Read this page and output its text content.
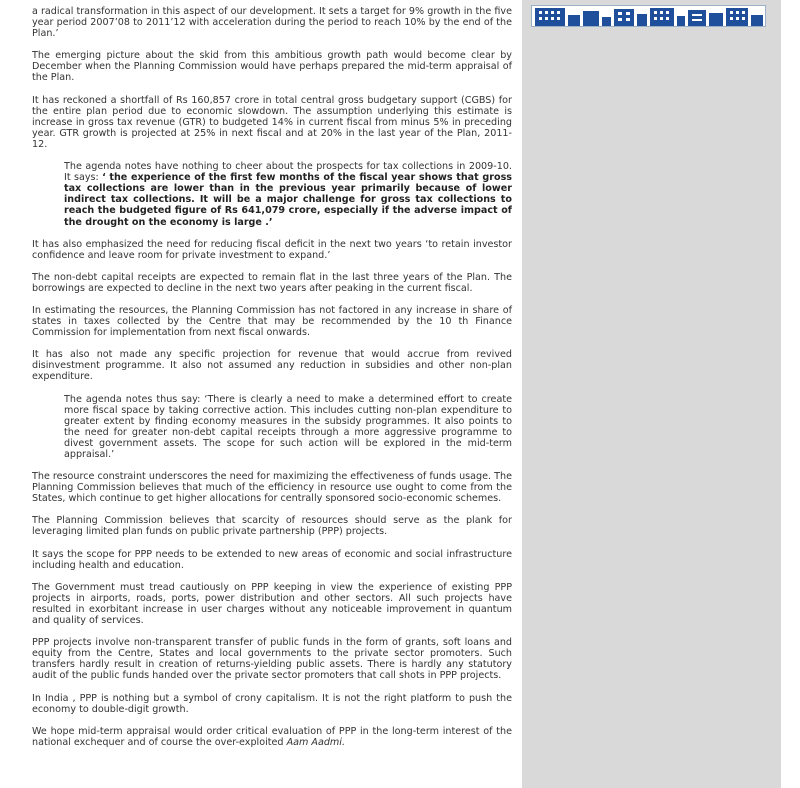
a radical transformation in this aspect of our development. It sets a target for 9% growth in the five year period 2007’08 to 2011’12 with acceleration during the period to reach 10% by the end of the Plan.’

The emerging picture about the skid from this ambitious growth path would become clear by December when the Planning Commission would have perhaps prepared the mid-term appraisal of the Plan.

It has reckoned a shortfall of Rs 160,857 crore in total central gross budgetary support (CGBS) for the entire plan period due to economic slowdown. The assumption underlying this estimate is increase in gross tax revenue (GTR) to budgeted 14% in current fiscal from minus 5% in preceding year. GTR growth is projected at 25% in next fiscal and at 20% in the last year of the Plan, 2011-12.

The agenda notes have nothing to cheer about the prospects for tax collections in 2009-10. It says: ‘ the experience of the first few months of the fiscal year shows that gross tax collections are lower than in the previous year primarily because of lower indirect tax collections. It will be a major challenge for gross tax collections to reach the budgeted figure of Rs 641,079 crore, especially if the adverse impact of the drought on the economy is large .’

It has also emphasized the need for reducing fiscal deficit in the next two years ‘to retain investor confidence and leave room for private investment to expand.’

The non-debt capital receipts are expected to remain flat in the last three years of the Plan. The borrowings are expected to decline in the next two years after peaking in the current fiscal.

In estimating the resources, the Planning Commission has not factored in any increase in share of states in taxes collected by the Centre that may be recommended by the 10 th Finance Commission for implementation from next fiscal onwards.

It has also not made any specific projection for revenue that would accrue from revived disinvestment programme. It also not assumed any reduction in subsidies and other non-plan expenditure.

The agenda notes thus say: ‘There is clearly a need to make a determined effort to create more fiscal space by taking corrective action. This includes cutting non-plan expenditure to greater extent by finding economy measures in the subsidy programmes. It also points to the need for greater non-debt capital receipts through a more aggressive programme to divest government assets. The scope for such action will be explored in the mid-term appraisal.’

The resource constraint underscores the need for maximizing the effectiveness of funds usage. The Planning Commission believes that much of the efficiency in resource use ought to come from the States, which continue to get higher allocations for centrally sponsored socio-economic schemes.

The Planning Commission believes that scarcity of resources should serve as the plank for leveraging limited plan funds on public private partnership (PPP) projects.

It says the scope for PPP needs to be extended to new areas of economic and social infrastructure including health and education.

The Government must tread cautiously on PPP keeping in view the experience of existing PPP projects in airports, roads, ports, power distribution and other sectors. All such projects have resulted in exorbitant increase in user charges without any noticeable improvement in quantum and quality of services.

PPP projects involve non-transparent transfer of public funds in the form of grants, soft loans and equity from the Centre, States and local governments to the private sector promoters. Such transfers hardly result in creation of returns-yielding public assets. There is hardly any statutory audit of the public funds handed over the private sector promoters that call shots in PPP projects.

In India , PPP is nothing but a symbol of crony capitalism. It is not the right platform to push the economy to double-digit growth.

We hope mid-term appraisal would order critical evaluation of PPP in the long-term interest of the national exchequer and of course the over-exploited Aam Aadmi.
